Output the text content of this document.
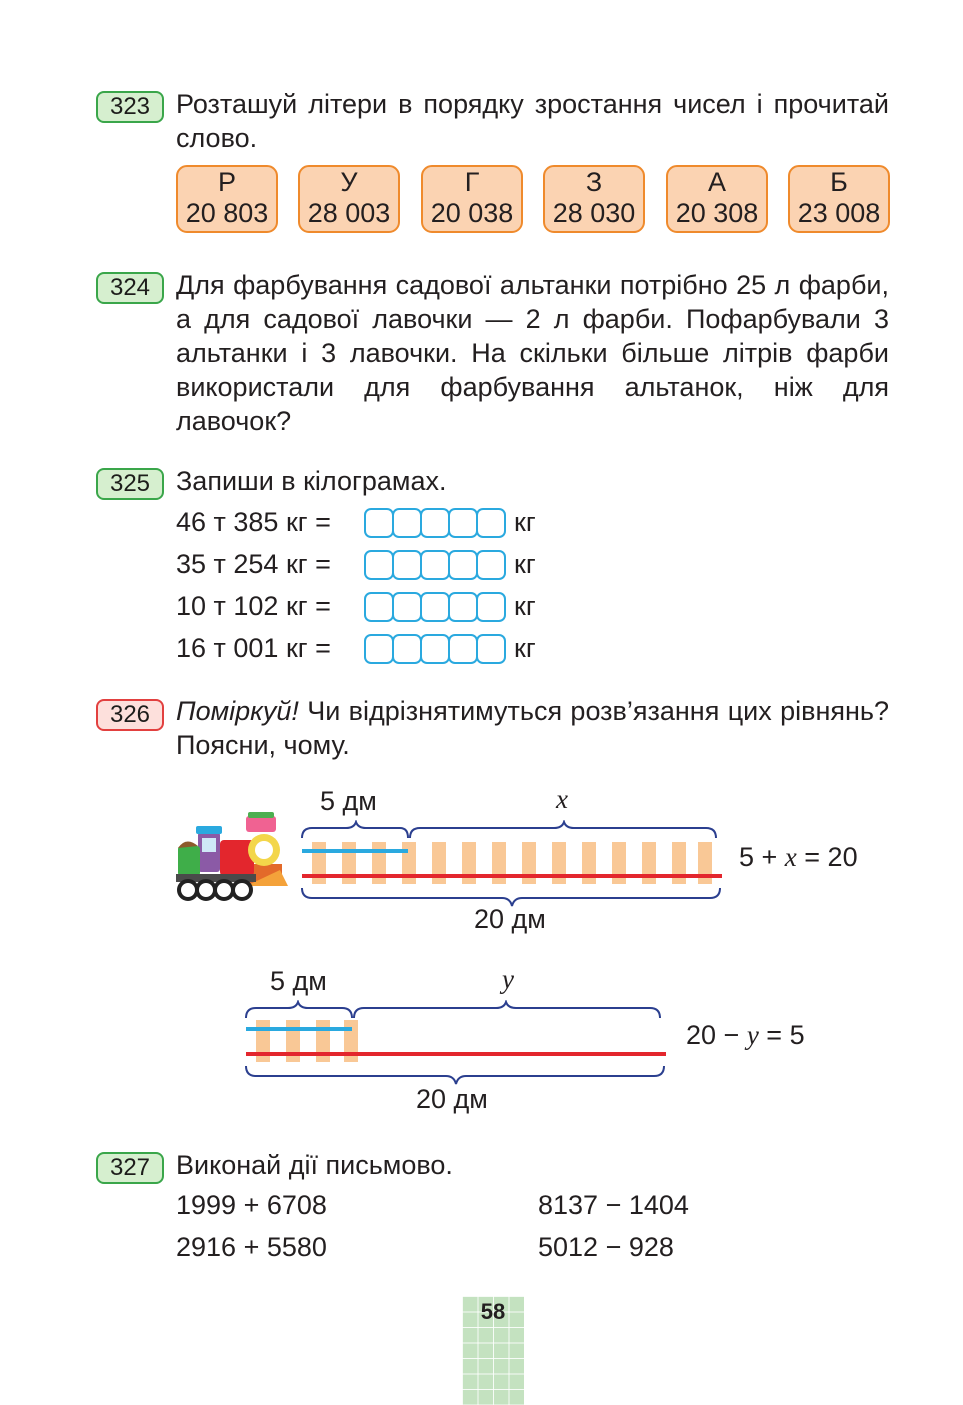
323 Розташуй літери в порядку зростання чисел і прочитай слово.
Р
20 803
У
28 003
Г
20 038
З
28 030
А
20 308
Б
23 008
324 Для фарбування садової альтанки потрібно 25 л фарби, а для садової лавочки — 2 л фарби. Пофарбували 3 альтанки і 3 лавочки. На скільки більше літрів фарби використали для фарбування альтанок, ніж для лавочок?
325 Запиши в кілограмах.
46 т 385 кг =	кг
35 т 254 кг =	кг
10 т 102 кг =	кг
16 т 001 кг =	кг
326 Поміркуй! Чи відрізнятимуться розв’язання цих рівнянь? Поясни, чому.
5 дм	x
20 дм
5 + x = 20
5 дм	y
20 дм
20 − y = 5
327 Виконай дії письмово.
1999 + 6708	8137 − 1404
2916 + 5580	5012 − 928
58
